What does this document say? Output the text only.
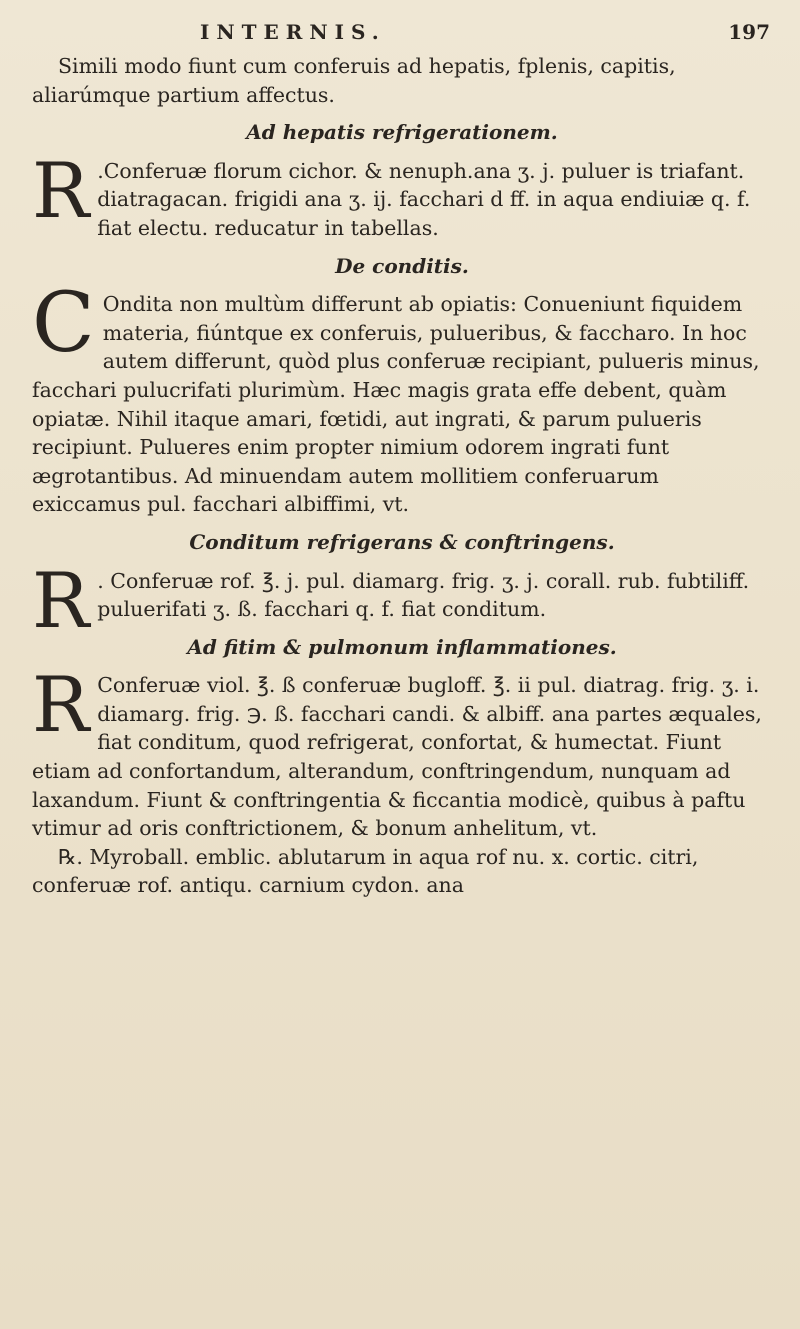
INTERNIS.	197

Simili modo fiunt cum conferuis ad hepatis, fplenis, capitis, aliarúmque partium affectus.

Ad hepatis refrigerationem.

R .Conferuæ florum cichor. & nenuph.ana ʒ. j. puluer is triafant. diatragacan. frigidi ana ʒ. ij. facchari d ff. in aqua endiuiæ q. f. fiat electu. reducatur in tabellas.

De conditis.

C Ondita non multùm differunt ab opiatis: Conueniunt fiquidem materia, fiúntque ex conferuis, pulueribus, & faccharo. In hoc autem differunt, quòd plus conferuæ recipiant, pulueris minus, facchari pulucrifati plurimùm. Hæc magis grata effe debent, quàm opiatæ. Nihil itaque amari, fœtidi, aut ingrati, & parum pulueris recipiunt. Pulueres enim propter nimium odorem ingrati funt ægrotantibus. Ad minuendam autem mollitiem conferuarum exiccamus pul. facchari albiffimi, vt.

Conditum refrigerans & conftringens.

R . Conferuæ rof. ℥. j. pul. diamarg. frig. ʒ. j. corall. rub. fubtiliff. puluerifati ʒ. ß. facchari q. f. fiat conditum.

Ad fitim & pulmonum inflammationes.

R Conferuæ viol. ℥. ß conferuæ bugloff. ℥. ii pul. diatrag. frig. ʒ. i. diamarg. frig. ℈. ß. facchari candi. & albiff. ana partes æquales, fiat conditum, quod refrigerat, confortat, & humectat. Fiunt etiam ad confortandum, alterandum, conftringendum, nunquam ad laxandum. Fiunt & conftringentia & ficcantia modicè, quibus à paftu vtimur ad oris conftrictionem, & bonum anhelitum, vt.

℞. Myroball. emblic. ablutarum in aqua rof nu. x. cortic. citri, conferuæ rof. antiqu. carnium cydon. ana
